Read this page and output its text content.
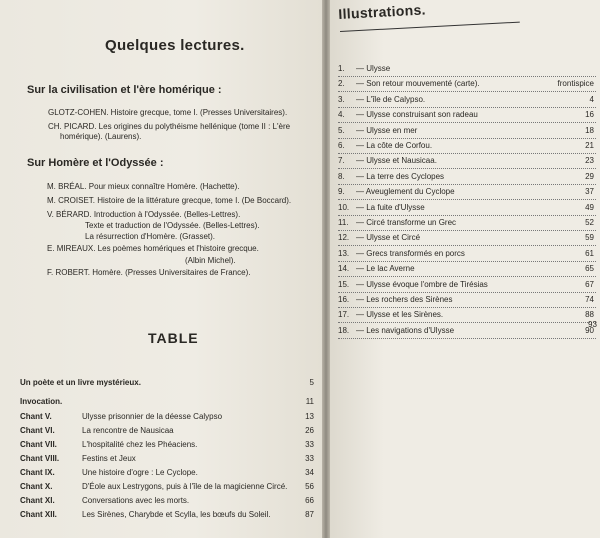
Quelques lectures.
Sur la civilisation et l'ère homérique :
GLOTZ-COHEN. Histoire grecque, tome I. (Presses Universitaires).
CH. PICARD. Les origines du polythéisme hellénique (tome II : L'ère
homérique). (Laurens).
Sur Homère et l'Odyssée :
M. BRÉAL. Pour mieux connaître Homère. (Hachette).
M. CROISET. Histoire de la littérature grecque, tome I. (De Boccard).
V. BÉRARD. Introduction à l'Odyssée. (Belles-Lettres).
Texte et traduction de l'Odyssée. (Belles-Lettres).
La résurrection d'Homère. (Grasset).
E. MIREAUX. Les poèmes homériques et l'histoire grecque.
(Albin Michel).
F. ROBERT. Homère. (Presses Universitaires de France).
TABLE
Un poète et un livre mystérieux.	5
Invocation.	11
Chant V.	Ulysse prisonnier de la déesse Calypso	13
Chant VI.	La rencontre de Nausicaa	26
Chant VII.	L'hospitalité chez les Phéaciens.	33
Chant VIII.	Festins et Jeux	33
Chant IX.	Une histoire d'ogre : Le Cyclope.	34
Chant X.	D'Éole aux Lestrygons, puis à l'île de la magicienne Circé. 56
Chant XI.	Conversations avec les morts.	66
Chant XII.	Les Sirènes, Charybde et Scylla, les bœufs du Soleil.	87
Illustrations.
1. — Ulysse
2. — Son retour mouvementé (carte).	frontispice
3. — L'île de Calypso.	4
4. — Ulysse construisant son radeau	16
5. — Ulysse en mer	18
6. — La côte de Corfou.	21
7. — Ulysse et Nausicaa.	23
8. — La terre des Cyclopes	29
9. — Aveuglement du Cyclope	37
10. — La fuite d'Ulysse	49
11. — Circé transforme un Grec	52
12. — Ulysse et Circé	59
13. — Grecs transformés en porcs	61
14. — Le lac Averne	65
15. — Ulysse évoque l'ombre de Tirésias	67
16. — Les rochers des Sirènes	74
17. — Ulysse et les Sirènes.	88
18. — Les navigations d'Ulysse	90
93
